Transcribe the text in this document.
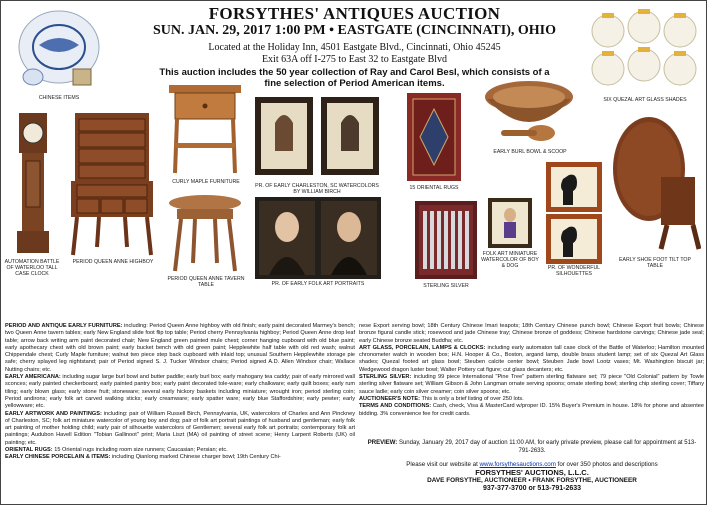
FORSYTHES' ANTIQUES AUCTION
SUN. JAN. 29, 2017 1:00 PM • EASTGATE (CINCINNATI), OHIO
Located at the Holiday Inn, 4501 Eastgate Blvd., Cincinnati, Ohio 45245
Exit 63A off I-275 to East 32 to Eastgate Blvd
This auction includes the 50 year collection of Ray and Carol Besl, which consists of a
fine selection of Period American items.
CHINESE ITEMS	SIX QUEZAL ART GLASS SHADES
AUTOMATION BATTLE OF WATERLOO TALL CASE CLOCK
PERIOD QUEEN ANNE HIGHBOY
CURLY MAPLE FURNITURE
PERIOD QUEEN ANNE TAVERN TABLE
PR. OF EARLY CHARLESTON, SC WATERCOLORS BY WILLIAM BIRCH
15 ORIENTAL RUGS
EARLY BURL BOWL & SCOOP
EARLY SHOE FOOT TILT TOP TABLE
PR. OF EARLY FOLK ART PORTRAITS	STERLING SILVER
FOLK ART MINIATURE WATERCOLOR OF BOY & DOG	PR. OF WONDERFUL SILHOUETTES
PERIOD AND ANTIQUE EARLY FURNITURE: including: Period Queen Anne highboy with old finish; early paint decorated Marmey's bench; two Queen Anne tavern tables; early New England slide foot flip top table; Period cherry Pennsylvania highboy; Period Queen Anne drop leaf table; arrow back writing arm paint decorated chair; New England green painted mule chest; corner hanging cupboard with old blue paint; early apothecary chest with old brown paint; early bucket bench with old green paint; Hepplewhite half table with old red wash; walnut Chippendale chest; Curly Maple furniture; walnut two piece step back cupboard with inlaid top; unusual Southern Hepplewhite storage pie safe; cherry splayed leg nightstand; pair of Period signed S. J. Tucker Windsor chairs; Period signed A.D. Allen Windsor chair; Wallace Nutting chairs; etc.
EARLY AMERICANA: including sugar large burl bowl and butter paddle; early burl box; early mahogany tea caddy; pair of early mirrored wall sconces; early painted checkerboard; early painted pantry box; early paint decorated tole-ware; early chalkware; early quilt boxes; early rum tiling; early blown glass; early stone fruit; stoneware; several early hickory baskets including miniature; wrought iron; period sterling coin; Period andirons; early folk art carved walking sticks; early creamware; early spatter ware; early blue Staffordshire; early pewter; early yellowware; etc.
EARLY ARTWORK AND PAINTINGS: including: pair of William Russell Birch, Pennsylvania, UK, watercolors of Charles and Ann Pinckney of Charleston, SC; folk art miniature watercolor of young boy and dog; pair of folk art portrait paintings of husband and gentleman; early folk art painting of mother holding child; early pair of silhouette watercolors of Gentlemen; several early folk art portraits; contemporary folk art paintings; Audubon Havell Edition "Tobian Gallinoot" print; Maria Liszt (MA) oil painting of street scene; Henry Larpent Roberts (UK) oil painting; etc.
ORIENTAL RUGS: 15 Oriental rugs including room size runners; Caucasian; Persian; etc.
EARLY CHINESE PORCELAIN & ITEMS: including Qianlong marked Chinese charger bowl; 19th Century Chi-

nese Export serving bowl; 18th Century Chinese Imari teapots; 18th Century Chinese punch bowl; Chinese Export fruit bowls; Chinese bronze figural candle stick; rosewood and jade Chinese tray; Chinese bronze of goddess; Chinese hardstone carvings; Chinese jade seal; early Chinese bronze seated Buddha; etc.
ART GLASS, PORCELAIN, LAMPS & CLOCKS: including early automaton tall case clock of the Battle of Waterloo; Hamilton mounted chronometer watch in wooden box; H.N. Hooper & Co., Boston, argand lamp, double brass student lamp; set of six Quezal Art Glass shades; Quezal footed art glass bowl; Steuben calcite center bowl; Steuben Jade bowl Lootz vases; Mt. Washington biscuit jar; Wedgewood dragon luster bowl; Walter Pottery cat figure; cut glass decanters; etc.
STERLING SILVER: including 99 piece International "Pine Tree" pattern sterling flatware set; 79 piece "Old Colonial" pattern by Towle sterling silver flatware set; William Gibson & John Langman ornate serving spoons; ornate sterling bowl; sterling chip sterling cover; Tiffany sauce ladle; early coin silver creamer; coin silver spoons; etc.
AUCTIONEER'S NOTE: This is only a brief listing of over 250 lots.
TERMS AND CONDITIONS: Cash, check, Visa & MasterCard w/proper ID. 15% Buyer's Premium in house. 18% for phone and absentee bidding. 3% convenience fee for credit cards.

PREVIEW: Sunday, January 29, 2017 day of auction 11:00 AM, for early private preview, please call for appointment at 513-791-2633.
Please visit our website at www.forsythesauctions.com for over 350 photos and descriptions
FORSYTHES' AUCTIONS, L.L.C.
DAVE FORSYTHE, AUCTIONEER • FRANK FORSYTHE, AUCTIONEER
937-377-3700 or 513-791-2633
